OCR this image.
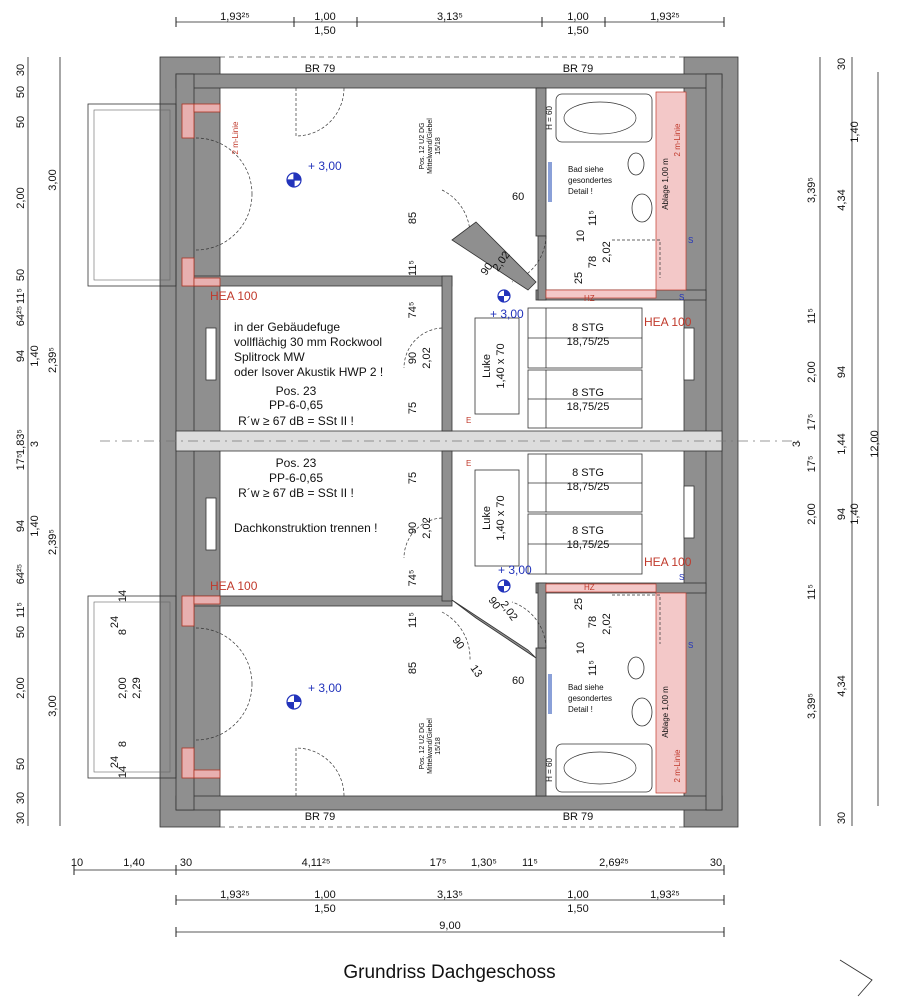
1,93²⁵	1,00	3,13⁵	1,00	1,93²⁵
1,50	1,50
30
50
50
2,00
50
11⁵
64²⁵
94
1,83⁵
17⁵
94
64²⁵
11⁵
50
2,00
50
30
30
3,00
1,40 2,39⁵
3
1,40
2,39⁵
3,00
30
3,39⁵
11⁵
2,00
17⁵
3
17⁵
2,00
11⁵
3,39⁵
30
4,34
94
1,44
94
4,34
1,40
1,40
12,00
+ 3,00
+ 3,00
+ 3,00
+ 3,00
BR 79	BR 79
BR 79	BR 79
HEA 100
HEA 100
HEA 100
HEA 100
in der Gebäudefuge
vollflächig 30 mm Rockwool
Splitrock MW
oder Isover Akustik HWP 2 !
Pos. 23
PP-6-0,65
R´w ≥ 67 dB = SSt II !
Pos. 23
PP-6-0,65
R´w ≥ 67 dB = SSt II !
Dachkonstruktion trennen !
Luke 1,40 x 70
Luke 1,40 x 70
8 STG
18,75/25
8 STG
18,75/25
8 STG
18,75/25
8 STG
18,75/25
Bad siehe
gesondertes
Detail !
Bad siehe
gesondertes
Detail !
Ablage 1,00 m
Ablage 1,00 m
2 m-Linie
2 m-Linie
2 m-Linie
H = 60
H = 60
Pos. 12 U2 DG Mittelwand/Giebel 15/18
Pos. 12 U2 DG Mittelwand/Giebel 15/18
HZ
HZ
S
S
S
S
E
E
85
11⁵
74⁵
90 2,02
75
75
90 2,02
74⁵
11⁵
85
60
60
10
11⁵
78 2,02
25
25
78 2,02
10
11⁵
2,02
90
2,02
90
90
13
24
24
14
8
8
14
2,00 2,29
10	1,40	30	4,11²⁵	17⁵ 1,30⁵ 11⁵	2,69²⁵	30
1,93²⁵	1,00	3,13⁵	1,00	1,93²⁵
1,50	1,50
9,00
Grundriss Dachgeschoss
